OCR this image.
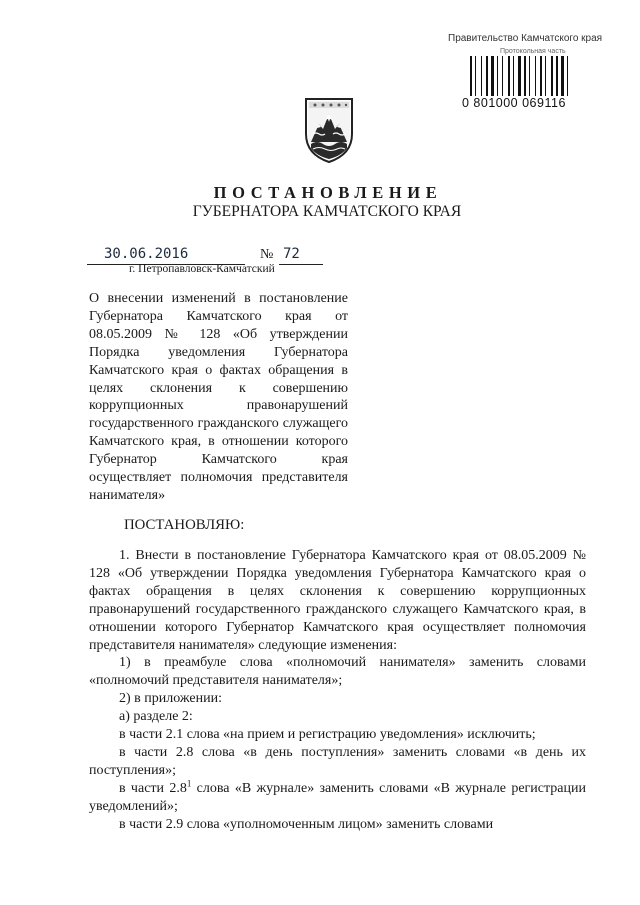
Правительство Камчатского края
Протокольная часть
0 801000 069116
ПОСТАНОВЛЕНИЕ
ГУБЕРНАТОРА КАМЧАТСКОГО КРАЯ
30.06.2016	№ 72
г. Петропавловск-Камчатский
О внесении изменений в постановление Губернатора Камчатского края от 08.05.2009 № 128 «Об утверждении Порядка уведомления Губернатора Камчатского края о фактах обращения в целях склонения к совершению коррупционных правонарушений государственного гражданского служащего Камчатского края, в отношении которого Губернатор Камчатского края осуществляет полномочия представителя нанимателя»
ПОСТАНОВЛЯЮ:

1. Внести в постановление Губернатора Камчатского края от 08.05.2009 № 128 «Об утверждении Порядка уведомления Губернатора Камчатского края о фактах обращения в целях склонения к совершению коррупционных правонарушений государственного гражданского служащего Камчатского края, в отношении которого Губернатор Камчатского края осуществляет полномочия представителя нанимателя» следующие изменения:

1) в преамбуле слова «полномочий нанимателя» заменить словами «полномочий представителя нанимателя»;

2) в приложении:

а) разделе 2:

в части 2.1 слова «на прием и регистрацию уведомления» исключить;

в части 2.8 слова «в день поступления» заменить словами «в день их поступления»;

в части $2.8^1$ слова «В журнале» заменить словами «В журнале регистрации уведомлений»;

в части 2.9 слова «уполномоченным лицом» заменить словами
